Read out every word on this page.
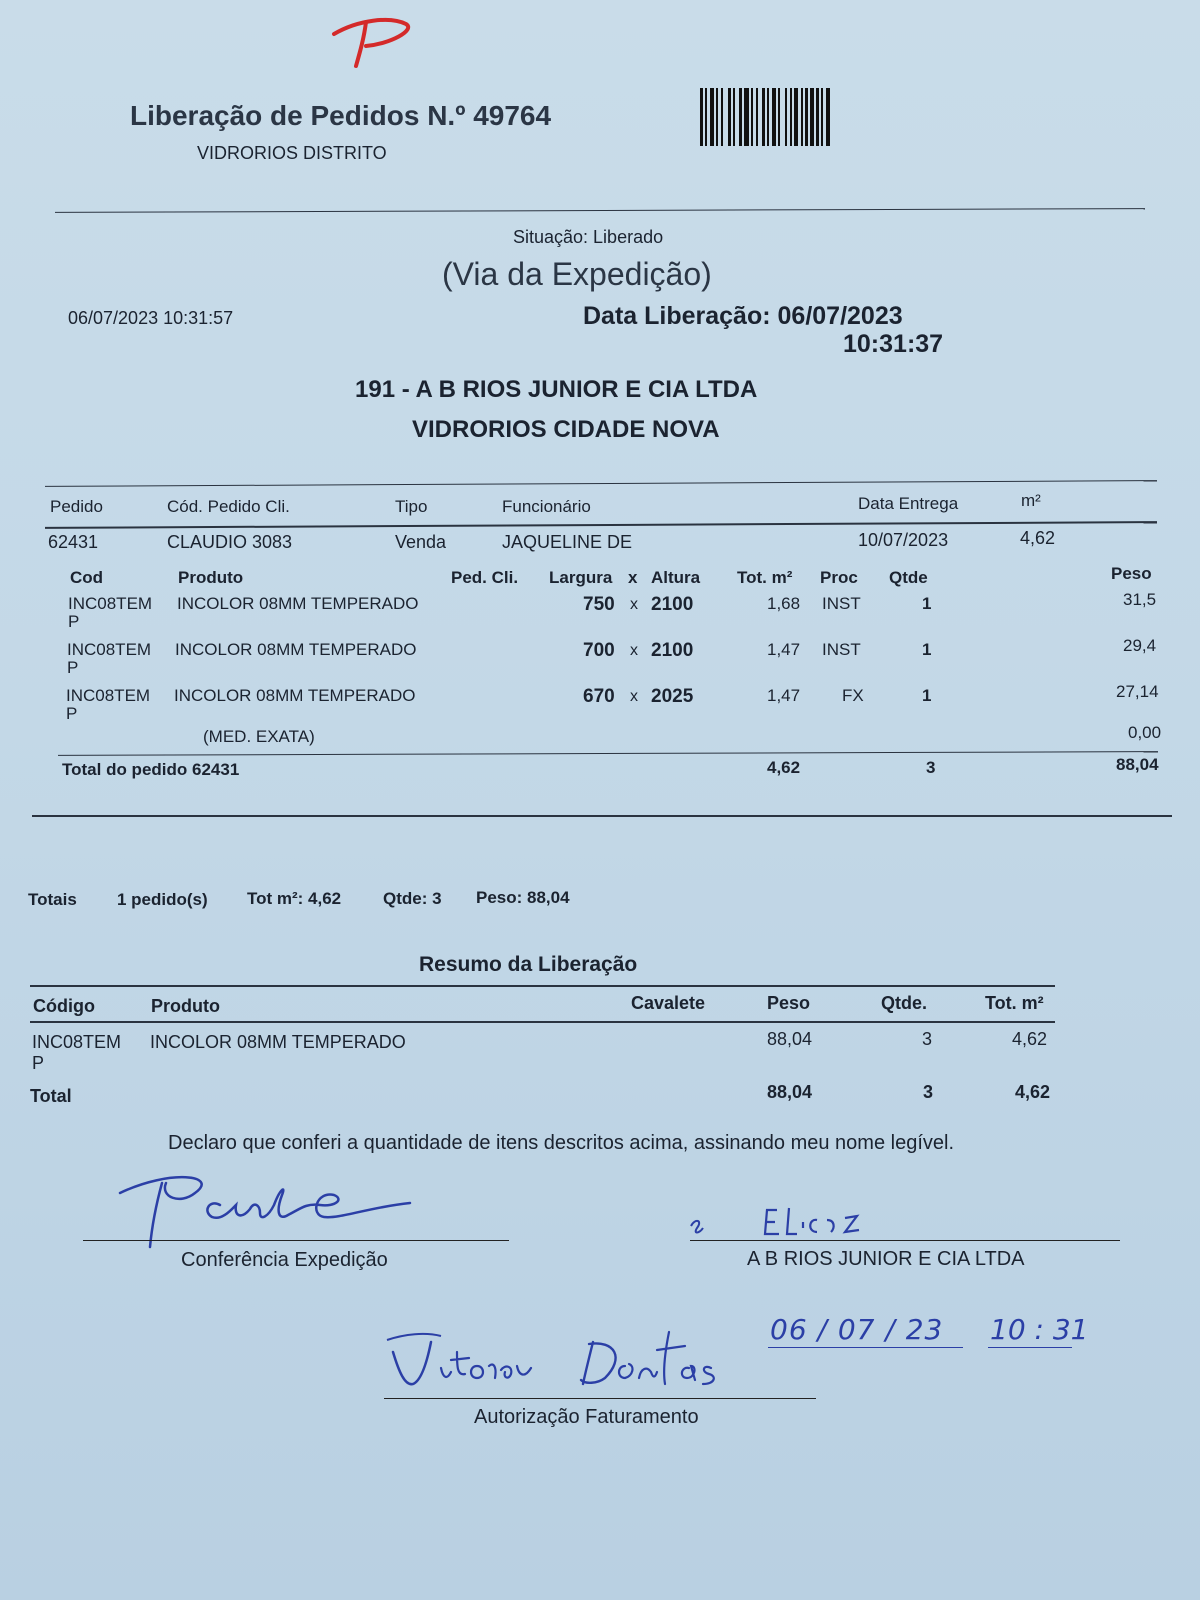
Liberação de Pedidos N.º 49764
VIDRORIOS DISTRITO
Situação: Liberado
(Via da Expedição)
06/07/2023 10:31:57	Data Liberação: 06/07/2023
10:31:37
191 - A B RIOS JUNIOR E CIA LTDA
VIDRORIOS CIDADE NOVA
Pedido	Cód. Pedido Cli.	Tipo	Funcionário	Data Entrega	m²
62431	CLAUDIO 3083	Venda	JAQUELINE DE	10/07/2023	4,62
Cod	Produto	Ped. Cli. Largura x Altura Tot. m² Proc Qtde	Peso
INC08TEM
P
INCOLOR 08MM TEMPERADO	750 x 2100	1,68 INST	1	31,5
INC08TEM
P
INCOLOR 08MM TEMPERADO	700 x 2100	1,47 INST	1	29,4
INC08TEM
P
INCOLOR 08MM TEMPERADO	670 x 2025	1,47 FX	1	27,14
(MED. EXATA)	0,00
Total do pedido 62431	4,62	3	88,04
Totais 1 pedido(s) Tot m²: 4,62 Qtde: 3 Peso: 88,04
Resumo da Liberação
Código	Produto	Cavalete	Peso	Qtde.	Tot. m²
INC08TEM
P
INCOLOR 08MM TEMPERADO	88,04	3	4,62
Total	88,04	3	4,62
Declaro que conferi a quantidade de itens descritos acima, assinando meu nome legível.
Conferência Expedição	A B RIOS JUNIOR E CIA LTDA
06 / 07 / 23 10 : 31
Autorização Faturamento
